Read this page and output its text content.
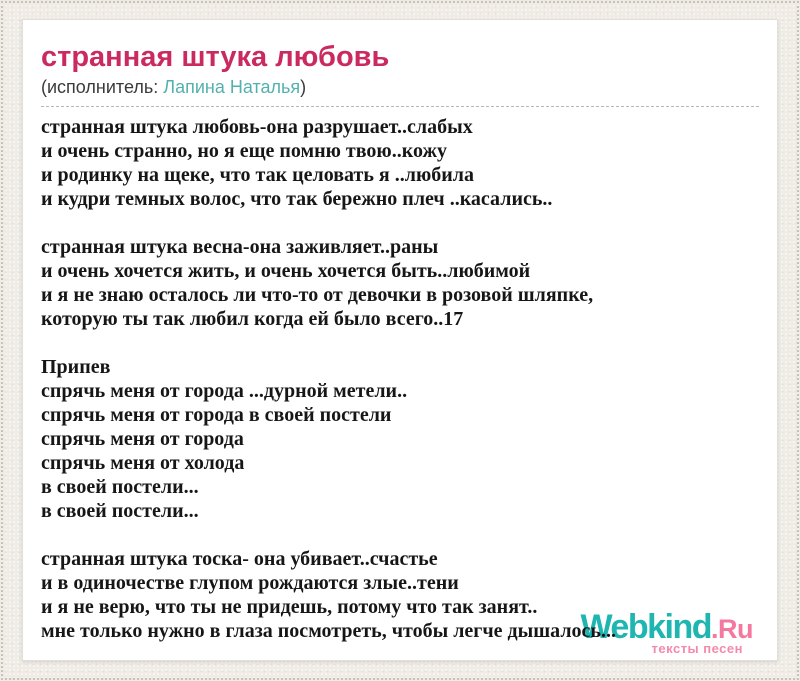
странная штука любовь
(исполнитель: Лапина Наталья)
странная штука любовь-она разрушает..слабых
и очень странно, но я еще помню твою..кожу
и родинку на щеке, что так целовать я ..любила
и кудри темных волос, что так бережно плеч ..касались..
странная штука весна-она заживляет..раны
и очень хочется жить, и очень хочется быть..любимой
и я не знаю осталось ли что-то от девочки в розовой шляпке,
которую ты так любил когда ей было всего..17
Припев
спрячь меня от города ...дурной метели..
спрячь меня от города в своей постели
спрячь меня от города
спрячь меня от холода
в своей постели...
в своей постели...
странная штука тоска- она убивает..счастье
и в одиночестве глупом рождаются злые..тени
и я не верю, что ты не придешь, потому что так занят..
мне только нужно в глаза посмотреть, чтобы легче дышалось...
Webkind.Ru
тексты песен
